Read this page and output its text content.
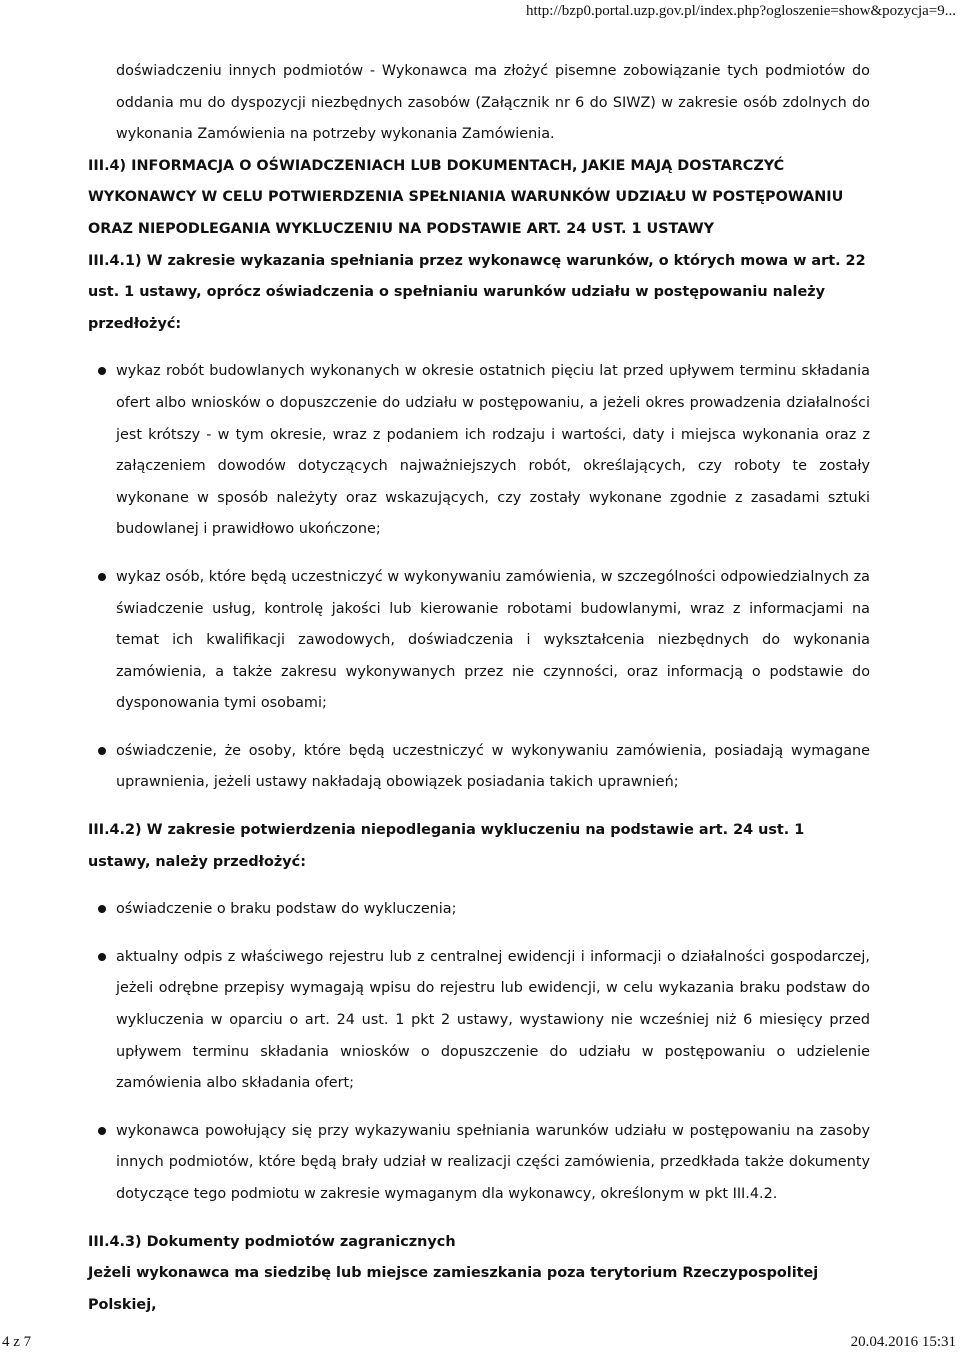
http://bzp0.portal.uzp.gov.pl/index.php?ogloszenie=show&pozycja=9...

doświadczeniu innych podmiotów - Wykonawca ma złożyć pisemne zobowiązanie tych podmiotów do oddania mu do dyspozycji niezbędnych zasobów (Załącznik nr 6 do SIWZ) w zakresie osób zdolnych do wykonania Zamówienia na potrzeby wykonania Zamówienia.

III.4) INFORMACJA O OŚWIADCZENIACH LUB DOKUMENTACH, JAKIE MAJĄ DOSTARCZYĆ WYKONAWCY W CELU POTWIERDZENIA SPEŁNIANIA WARUNKÓW UDZIAŁU W POSTĘPOWANIU ORAZ NIEPODLEGANIA WYKLUCZENIU NA PODSTAWIE ART. 24 UST. 1 USTAWY

III.4.1) W zakresie wykazania spełniania przez wykonawcę warunków, o których mowa w art. 22 ust. 1 ustawy, oprócz oświadczenia o spełnianiu warunków udziału w postępowaniu należy przedłożyć:

wykaz robót budowlanych wykonanych w okresie ostatnich pięciu lat przed upływem terminu składania ofert albo wniosków o dopuszczenie do udziału w postępowaniu, a jeżeli okres prowadzenia działalności jest krótszy - w tym okresie, wraz z podaniem ich rodzaju i wartości, daty i miejsca wykonania oraz z załączeniem dowodów dotyczących najważniejszych robót, określających, czy roboty te zostały wykonane w sposób należyty oraz wskazujących, czy zostały wykonane zgodnie z zasadami sztuki budowlanej i prawidłowo ukończone;
wykaz osób, które będą uczestniczyć w wykonywaniu zamówienia, w szczególności odpowiedzialnych za świadczenie usług, kontrolę jakości lub kierowanie robotami budowlanymi, wraz z informacjami na temat ich kwalifikacji zawodowych, doświadczenia i wykształcenia niezbędnych do wykonania zamówienia, a także zakresu wykonywanych przez nie czynności, oraz informacją o podstawie do dysponowania tymi osobami;
oświadczenie, że osoby, które będą uczestniczyć w wykonywaniu zamówienia, posiadają wymagane uprawnienia, jeżeli ustawy nakładają obowiązek posiadania takich uprawnień;

III.4.2) W zakresie potwierdzenia niepodlegania wykluczeniu na podstawie art. 24 ust. 1 ustawy, należy przedłożyć:

oświadczenie o braku podstaw do wykluczenia;
aktualny odpis z właściwego rejestru lub z centralnej ewidencji i informacji o działalności gospodarczej, jeżeli odrębne przepisy wymagają wpisu do rejestru lub ewidencji, w celu wykazania braku podstaw do wykluczenia w oparciu o art. 24 ust. 1 pkt 2 ustawy, wystawiony nie wcześniej niż 6 miesięcy przed upływem terminu składania wniosków o dopuszczenie do udziału w postępowaniu o udzielenie zamówienia albo składania ofert;
wykonawca powołujący się przy wykazywaniu spełniania warunków udziału w postępowaniu na zasoby innych podmiotów, które będą brały udział w realizacji części zamówienia, przedkłada także dokumenty dotyczące tego podmiotu w zakresie wymaganym dla wykonawcy, określonym w pkt III.4.2.

III.4.3) Dokumenty podmiotów zagranicznych

Jeżeli wykonawca ma siedzibę lub miejsce zamieszkania poza terytorium Rzeczypospolitej Polskiej,

4 z 7	20.04.2016 15:31
